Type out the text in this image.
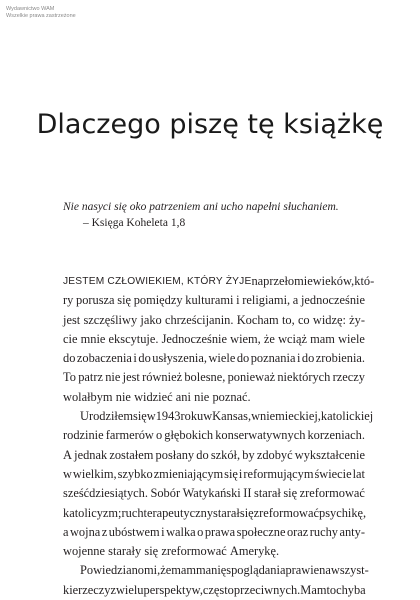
Wydawnictwo WAM
Wszelkie prawa zastrzeżone
Dlaczego piszę tę książkę
Nie nasyci się oko patrzeniem ani ucho napełni słuchaniem.
– Księga Koheleta 1,8
JESTEM CZŁOWIEKIEM, KTÓRY ŻYJE na przełomie wieków, któ-
ry porusza się pomiędzy kulturami i religiami, a jednocześnie
jest szczęśliwy jako chrześcijanin. Kocham to, co widzę: ży-
cie mnie ekscytuje. Jednocześnie wiem, że wciąż mam wiele
do zobaczenia i do usłyszenia, wiele do poznania i do zrobienia.
To patrz nie jest również bolesne, ponieważ niektórych rzeczy
wolałbym nie widzieć ani nie poznać.
Urodziłem się w 1943 roku w Kansas, w niemieckiej, katolickiej
rodzinie farmerów o głębokich konserwatywnych korzeniach.
A jednak zostałem posłany do szkół, by zdobyć wykształcenie
w wielkim, szybko zmieniającym się i reformującym świecie lat
sześćdziesiątych. Sobór Watykański II starał się zreformować
katolicyzm; ruch terapeutyczny starał się zreformować psychikę,
a wojna z ubóstwem i walka o prawa społeczne oraz ruchy anty-
wojenne starały się zreformować Amerykę.
Powiedziano mi, że mam manię spoglądania prawie na wszyst-
kie rzeczy z wielu perspektyw, często przeciwnych. Mam to chyba
